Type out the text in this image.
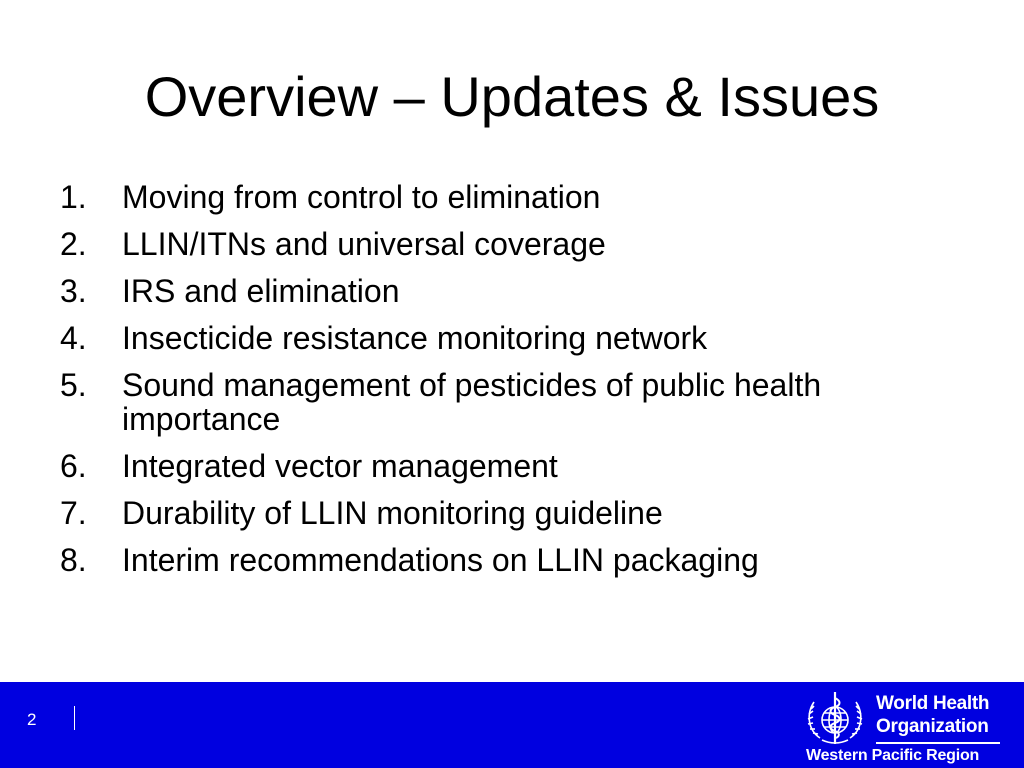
Overview – Updates & Issues
1.	Moving from control to elimination
2.	LLIN/ITNs and universal coverage
3.	IRS and elimination
4.	Insecticide resistance monitoring network
5.	Sound management of pesticides of public health importance
6.	Integrated vector management
7.	Durability of LLIN monitoring guideline
8.	Interim recommendations on LLIN packaging
2
World Health
Organization
Western Pacific Region
